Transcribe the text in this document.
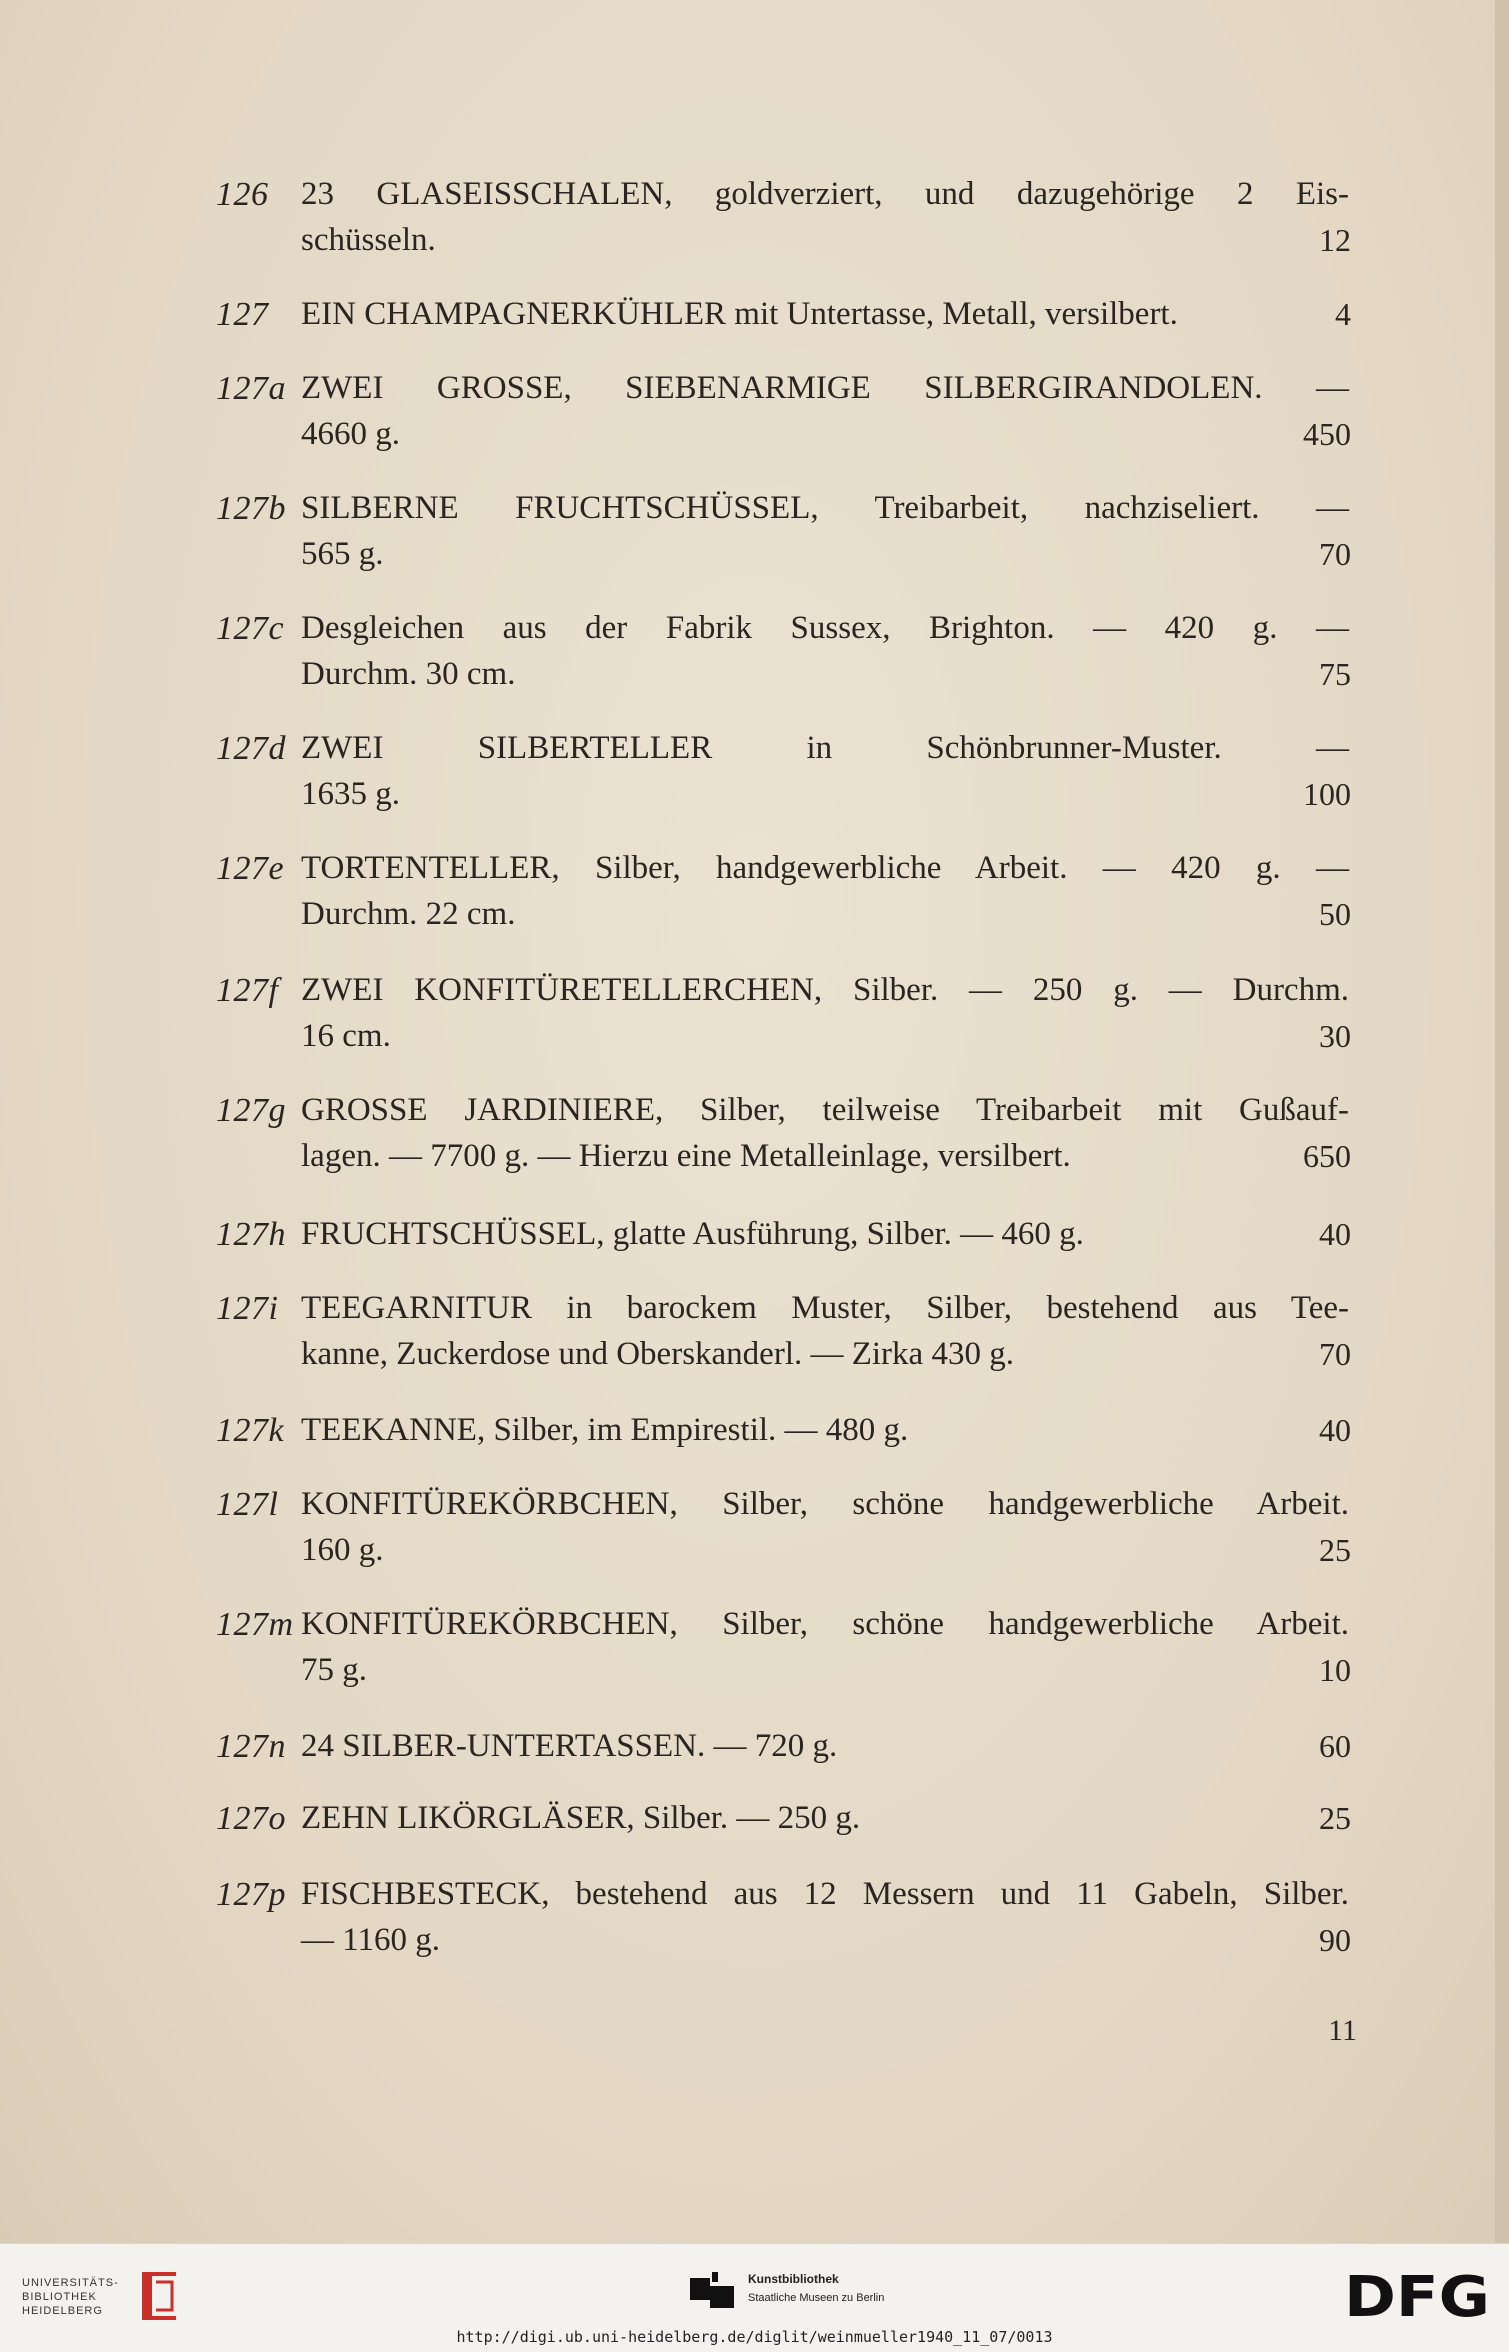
126 23 GLASEISSCHALEN, goldverziert, und dazugehörige 2 Eis-
schüsseln.	12
127 EIN CHAMPAGNERKÜHLER mit Untertasse, Metall, versilbert.	4
127a ZWEI GROSSE, SIEBENARMIGE SILBERGIRANDOLEN. —
4660 g.	450
127b SILBERNE FRUCHTSCHÜSSEL, Treibarbeit, nachziseliert. —
565 g.	70
127c Desgleichen aus der Fabrik Sussex, Brighton. — 420 g. —
Durchm. 30 cm.	75
127d ZWEI SILBERTELLER in Schönbrunner-Muster. —
1635 g.	100
127e TORTENTELLER, Silber, handgewerbliche Arbeit. — 420 g. —
Durchm. 22 cm.	50
127f ZWEI KONFITÜRETELLERCHEN, Silber. — 250 g. — Durchm.
16 cm.	30
127g GROSSE JARDINIERE, Silber, teilweise Treibarbeit mit Gußauf-
lagen. — 7700 g. — Hierzu eine Metalleinlage, versilbert.	650
127h FRUCHTSCHÜSSEL, glatte Ausführung, Silber. — 460 g.	40
127i TEEGARNITUR in barockem Muster, Silber, bestehend aus Tee-
kanne, Zuckerdose und Oberskanderl. — Zirka 430 g.	70
127k TEEKANNE, Silber, im Empirestil. — 480 g.	40
127l KONFITÜREKÖRBCHEN, Silber, schöne handgewerbliche Arbeit.
160 g.	25
127m KONFITÜREKÖRBCHEN, Silber, schöne handgewerbliche Arbeit.
75 g.	10
127n 24 SILBER-UNTERTASSEN. — 720 g.	60
127o ZEHN LIKÖRGLÄSER, Silber. — 250 g.	25
127p FISCHBESTECK, bestehend aus 12 Messern und 11 Gabeln, Silber.
— 1160 g.	90
11
UNIVERSITÄTS-
BIBLIOTHEK
HEIDELBERG
Kunstbibliothek
Staatliche Museen zu Berlin	DFG
http://digi.ub.uni-heidelberg.de/diglit/weinmueller1940_11_07/0013
